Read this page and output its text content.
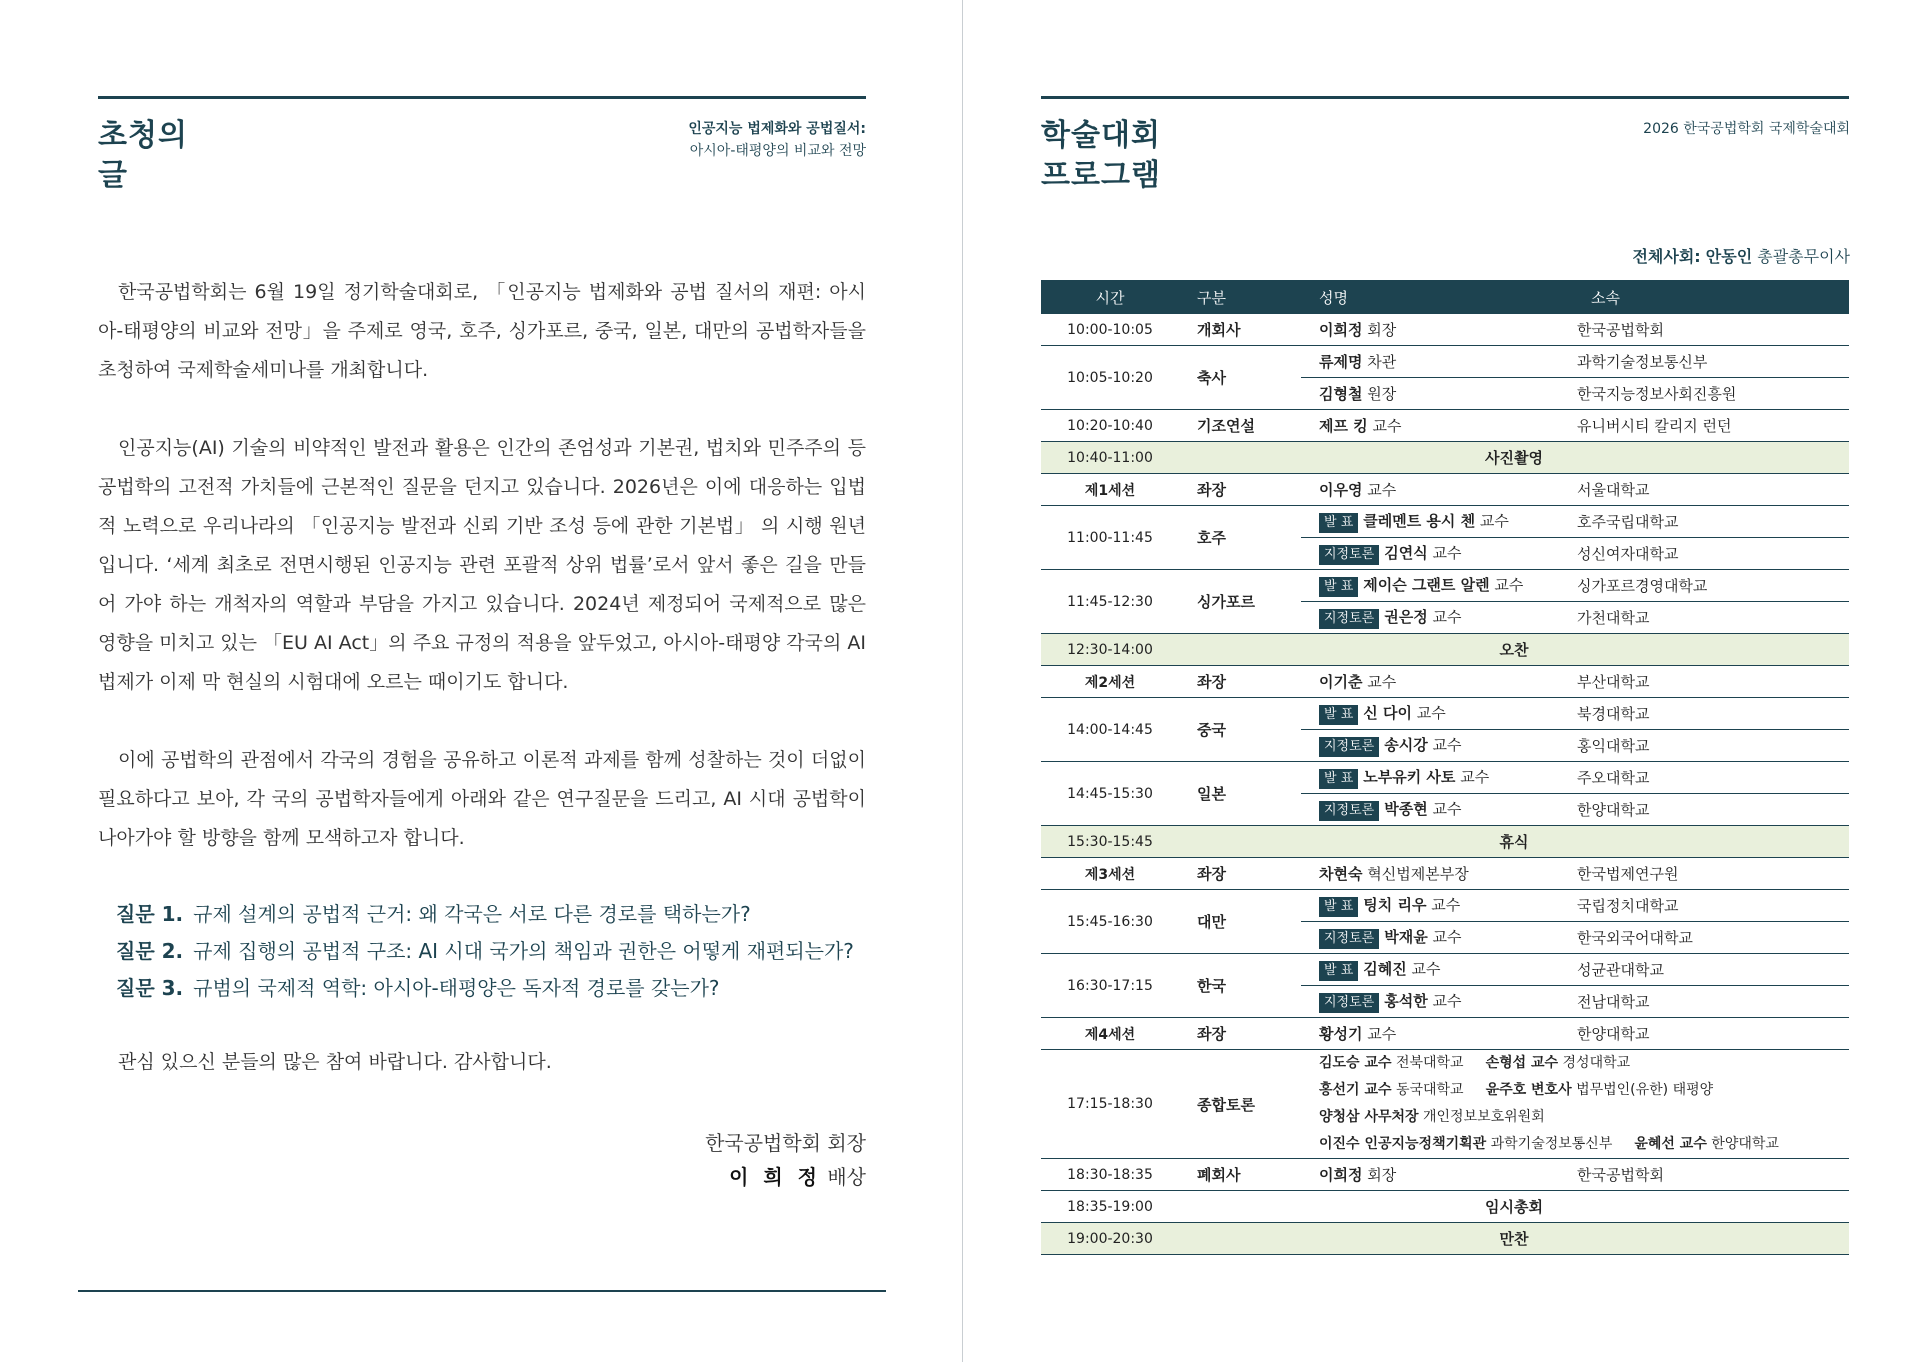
초청의
글
인공지능 법제화와 공법질서:
아시아-태평양의 비교와 전망

한국공법학회는 6월 19일 정기학술대회로, 「인공지능 법제화와 공법 질서의 재편: 아시아-태평양의 비교와 전망」을 주제로 영국, 호주, 싱가포르, 중국, 일본, 대만의 공법학자들을 초청하여 국제학술세미나를 개최합니다.

인공지능(AI) 기술의 비약적인 발전과 활용은 인간의 존엄성과 기본권, 법치와 민주주의 등 공법학의 고전적 가치들에 근본적인 질문을 던지고 있습니다. 2026년은 이에 대응하는 입법적 노력으로 우리나라의 「인공지능 발전과 신뢰 기반 조성 등에 관한 기본법」 의 시행 원년입니다. ‘세계 최초로 전면시행된 인공지능 관련 포괄적 상위 법률’로서 앞서 좋은 길을 만들어 가야 하는 개척자의 역할과 부담을 가지고 있습니다. 2024년 제정되어 국제적으로 많은 영향을 미치고 있는 「EU AI Act」의 주요 규정의 적용을 앞두었고, 아시아-태평양 각국의 AI 법제가 이제 막 현실의 시험대에 오르는 때이기도 합니다.

이에 공법학의 관점에서 각국의 경험을 공유하고 이론적 과제를 함께 성찰하는 것이 더없이 필요하다고 보아, 각 국의 공법학자들에게 아래와 같은 연구질문을 드리고, AI 시대 공법학이 나아가야 할 방향을 함께 모색하고자 합니다.

질문 1. 규제 설계의 공법적 근거: 왜 각국은 서로 다른 경로를 택하는가?
질문 2. 규제 집행의 공법적 구조: AI 시대 국가의 책임과 권한은 어떻게 재편되는가?
질문 3. 규범의 국제적 역학: 아시아-태평양은 독자적 경로를 갖는가?
관심 있으신 분들의 많은 참여 바랍니다. 감사합니다.
한국공법학회 회장
이 희 정 배상
학술대회
프로그램
2026 한국공법학회 국제학술대회
전체사회: 안동인 총괄총무이사
시간	구분	성명	소속
10:00-10:05	개회사	이희정 회장	한국공법학회
10:05-10:20	축사	류제명 차관	과학기술정보통신부
		김형철 원장	한국지능정보사회진흥원
10:20-10:40	기조연설	제프 킹 교수	유니버시티 칼리지 런던
10:40-11:00	사진촬영		
제1세션	좌장	이우영 교수	서울대학교
11:00-11:45	호주	발 표 클레멘트 용시 첸 교수	호주국립대학교
		지정토론 김연식 교수	성신여자대학교
11:45-12:30	싱가포르	발 표 제이슨 그랜트 알렌 교수	싱가포르경영대학교
		지정토론 권은정 교수	가천대학교
12:30-14:00	오찬		
제2세션	좌장	이기춘 교수	부산대학교
14:00-14:45	중국	발 표 신 다이 교수	북경대학교
		지정토론 송시강 교수	홍익대학교
14:45-15:30	일본	발 표 노부유키 사토 교수	주오대학교
		지정토론 박종현 교수	한양대학교
15:30-15:45	휴식		
제3세션	좌장	차현숙 혁신법제본부장	한국법제연구원
15:45-16:30	대만	발 표 팅치 리우 교수	국립정치대학교
		지정토론 박재윤 교수	한국외국어대학교
16:30-17:15	한국	발 표 김혜진 교수	성균관대학교
		지정토론 홍석한 교수	전남대학교
제4세션	좌장	황성기 교수	한양대학교
17:15-18:30	종합토론	김도승 교수 전북대학교 손형섭 교수 경성대학교
홍선기 교수 동국대학교 윤주호 변호사 법무법인(유한) 태평양
양청삼 사무처장 개인정보보호위원회
이진수 인공지능정책기획관 과학기술정보통신부 윤혜선 교수 한양대학교	

18:30-18:35	폐회사	이희정 회장	한국공법학회
18:35-19:00	임시총회		
19:00-20:30	만찬		
